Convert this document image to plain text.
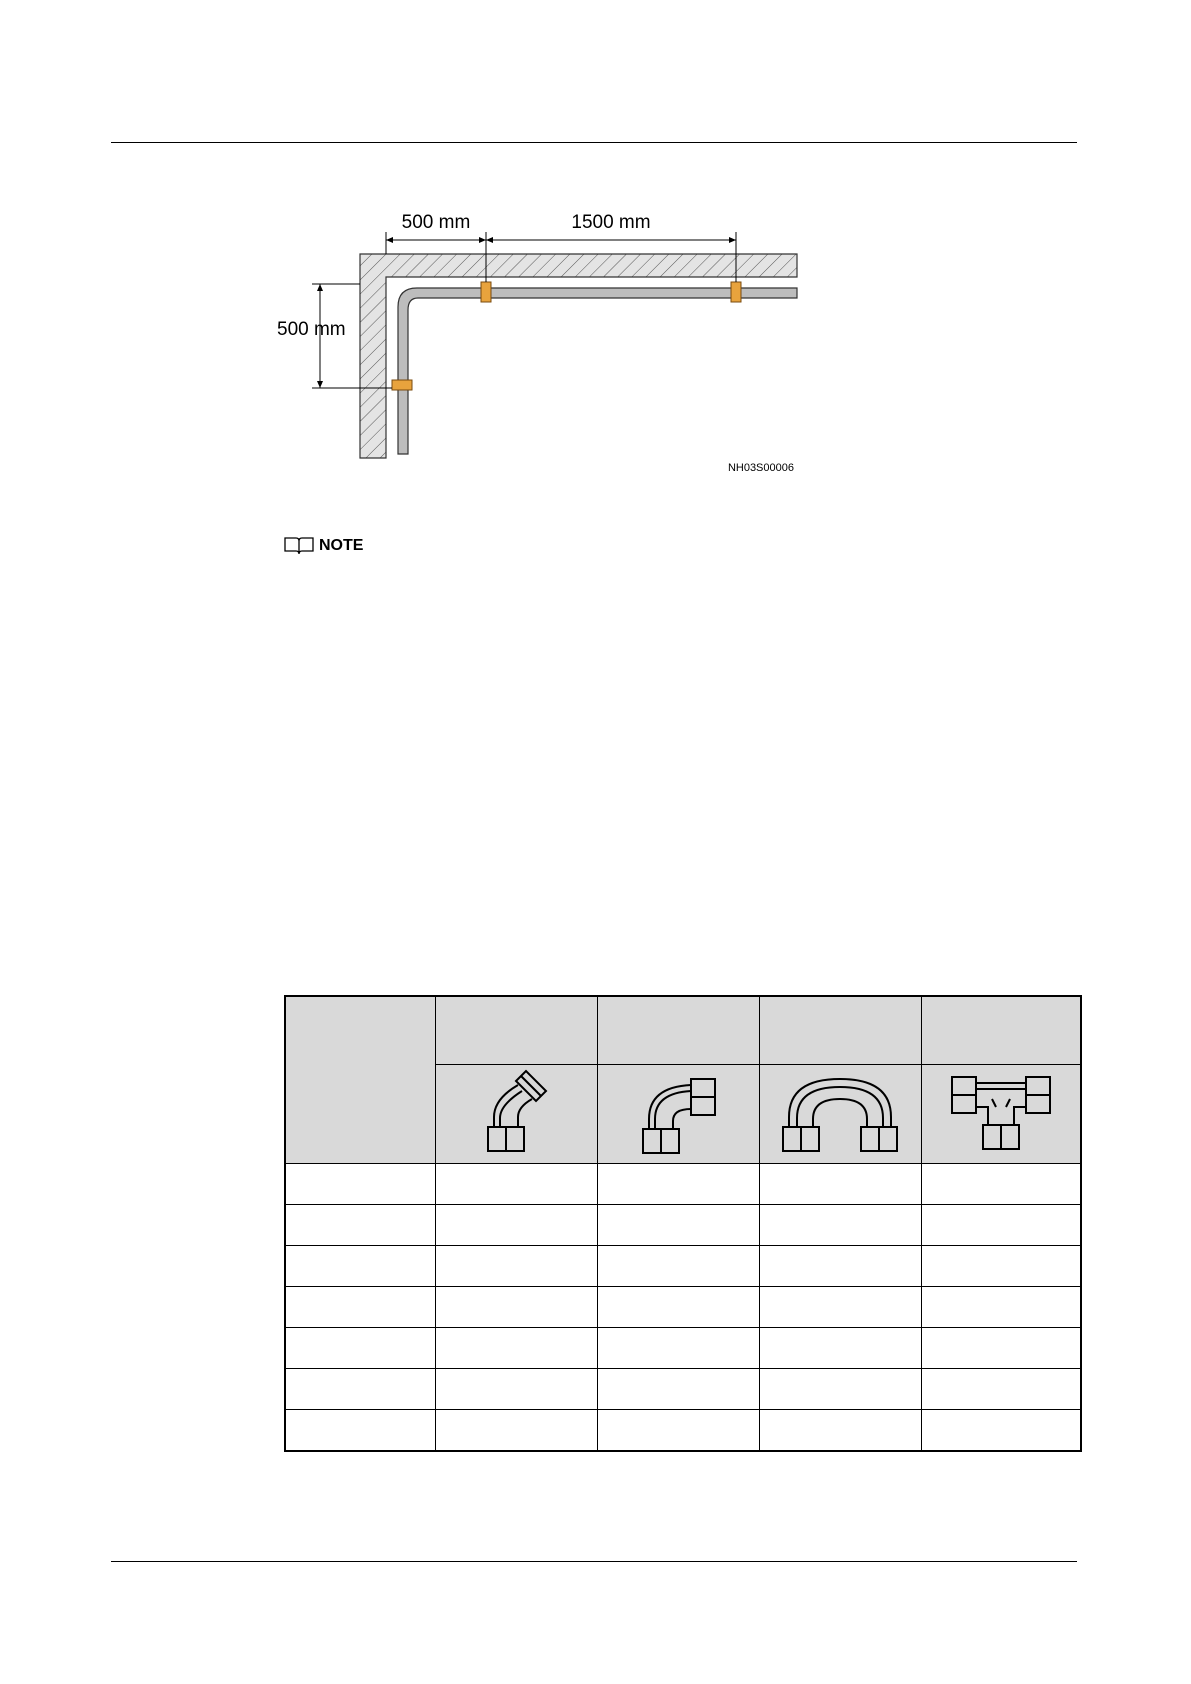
500 mm	1500 mm
500 mm
NH03S00006
NOTE
